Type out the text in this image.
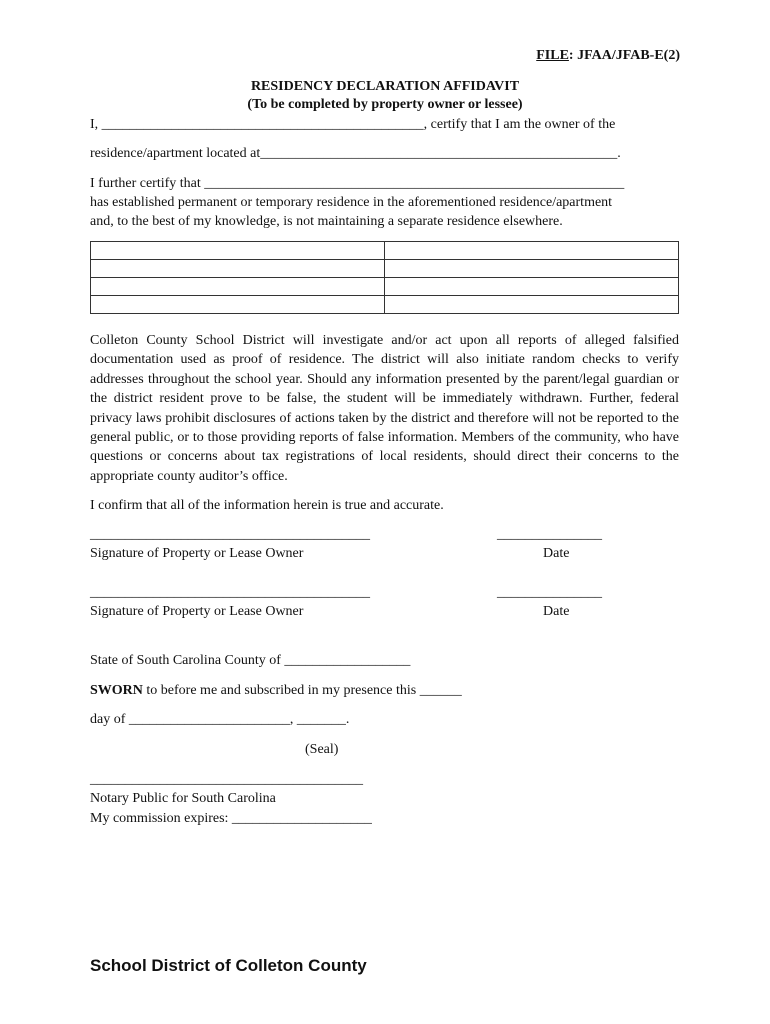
FILE: JFAA/JFAB-E(2)
RESIDENCY DECLARATION AFFIDAVIT
(To be completed by property owner or lessee)
I, ______________________________________________, certify that I am the owner of the
residence/apartment located at___________________________________________________.
I further certify that ____________________________________________________________
has established permanent or temporary residence in the aforementioned residence/apartment
and, to the best of my knowledge, is not maintaining a separate residence elsewhere.

Colleton County School District will investigate and/or act upon all reports of alleged falsified documentation used as proof of residence. The district will also initiate random checks to verify addresses throughout the school year. Should any information presented by the parent/legal guardian or the district resident prove to be false, the student will be immediately withdrawn. Further, federal privacy laws prohibit disclosures of actions taken by the district and therefore will not be reported to the general public, or to those providing reports of false information. Members of the community, who have questions or concerns about tax registrations of local residents, should direct their concerns to the appropriate county auditor’s office.
I confirm that all of the information herein is true and accurate.
________________________________________	_______________
Signature of Property or Lease Owner	Date
________________________________________	_______________
Signature of Property or Lease Owner	Date
State of South Carolina County of __________________
SWORN to before me and subscribed in my presence this ______
day of _______________________, _______.
(Seal)
_______________________________________
Notary Public for South Carolina
My commission expires: ____________________
School District of Colleton County
